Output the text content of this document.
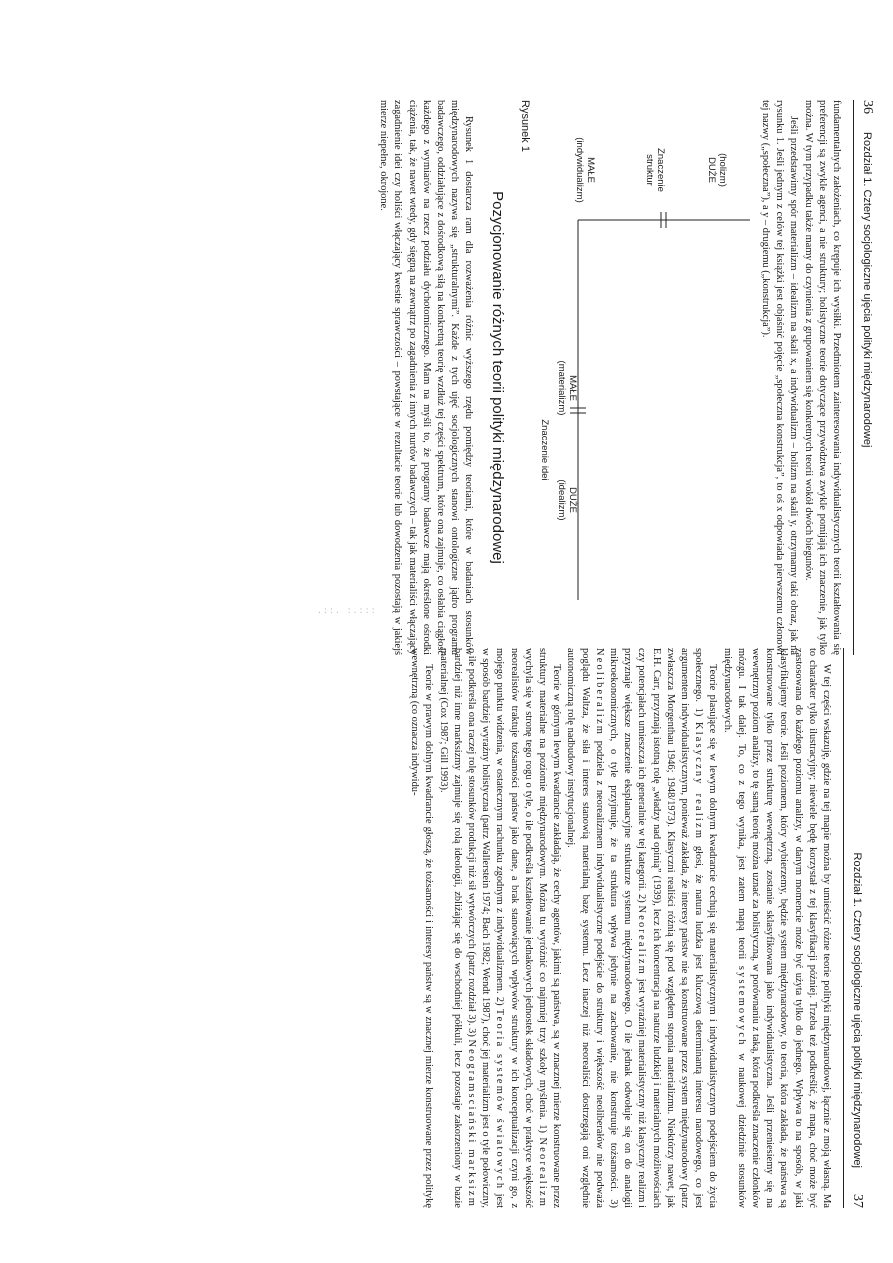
36
Rozdział 1. Cztery socjologiczne ujęcia polityki międzynarodowej

fundamentalnych założeniach, co krępuje ich wysiłki. Przedmiotem zainteresowania indywidualistycznych teorii kształtowania się preferencji są zwykle agenci, a nie struktury; holistyczne teorie dotyczące przywództwa zwykle pomijają ich znaczenie, jak tylko można. W tym przypadku także mamy do czynienia z grupowaniem się konkretnych teorii wokół dwóch biegunów.

Jeśli przedstawimy spór materializm – idealizm na skali x, a indywidualizm – holizm na skali y, otrzymamy taki obraz, jak na rysunku 1. Jeśli jednym z celów tej książki jest objaśnić pojęcie „społeczna konstrukcja”, to oś x odpowiada pierwszemu członowi tej nazwy („społeczna”), a y – drugiemu („konstrukcja”).

(holizm)
DUŻE
Znaczenie
struktur
MAŁE
(indywidualizm)
MAŁE
(materializm)
DUŻE
(idealizm)
Znaczenie idei
Rysunek 1
Pozycjonowanie różnych teorii polityki międzynarodowej

Rysunek 1 dostarcza ram dla rozważenia różnic wyższego rzędu pomiędzy teoriami, które w badaniach stosunków międzynarodowych nazywa się „strukturalnymi”. Każde z tych ujęć socjologicznych stanowi ontologiczne jądro programu badawczego, oddziałujące z dośrodkową siłą na konkretną teorię wzdłuż tej części spektrum, które ona zajmuje, co osłabia ciągłość każdego z wymiarów na rzecz podziału dychotomicznego. Mam na myśli to, że programy badawcze mają określone ośrodki ciążenia, tak, że nawet wtedy, gdy sięgną na zewnątrz po zagadnienia z innych nurtów badawczych – tak jak materialiści włączający zagadnienie idei czy holiści włączający kwestie sprawczości – powstające w rezultacie teorie lub dowodzenia pozostają w jakiejś mierze niepełne, okrojone.

.::. :.:::
Rozdział 1. Cztery socjologiczne ujęcia polityki międzynarodowej
37

W tej części wskazuję, gdzie na tej mapie można by umieścić różne teorie polityki międzynarodowej, łącznie z moją własną. Ma to charakter tylko ilustracyjny; niewiele będę korzystał z tej klasyfikacji później. Trzeba też podkreślić, że mapa, choć może być zastosowana do każdego poziomu analizy, w danym momencie może być użyta tylko do jednego. Wpływa to na sposób, w jaki klasyfikujemy teorie. Jeśli poziomem, który wybierzemy, będzie system międzynarodowy, to teoria, która zakłada, że państwa są konstruowane tylko przez strukturę wewnętrzną, zostanie sklasyfikowana jako indywidualistyczna. Jeśli przeniesiemy się na wewnętrzny poziom analizy, to tę samą teorię można uznać za holistyczną, w porównaniu z taką, która podkreśla znaczenie członków mózgu. I tak dalej. To, co z tego wynika, jest zatem mapą teorii systemowych w naukowej dziedzinie stosunków międzynarodowych.

Teorie plasujące się w lewym dolnym kwadrancie cechują się materialistycznym i indywidualistycznym podejściem do życia społecznego. 1) Klasyczny realizm głosi, że natura ludzka jest kluczową determinantą interesu narodowego, co jest argumentem indywidualistycznym, ponieważ zakłada, że interesy państw nie są konstruowane przez system międzynarodowy (patrz zwłaszcza Morgenthau 1946; 1948/1973). Klasyczni realiści różnią się pod względem stopnia materializmu. Niektórzy nawet, jak E.H. Carr, przyznają istotną rolę „władzy nad opinią” (1939), lecz ich koncentracja na naturze ludzkiej i materialnych możliwościach czy potencjałach umieszcza ich generalnie w tej kategorii. 2) Neorealizm jest wyraźniej materialistyczny niż klasyczny realizm i przyznaje większe znaczenie eksplanacyjne strukturze systemu międzynarodowego. O ile jednak odwołuje się on do analogii mikroekonomicznych, o tyle przyjmuje, że ta struktura wpływa jedynie na zachowanie, nie konstruuje tożsamości. 3) Neoliberalizm podziela z neorealizmem indywidualistyczne podejście do struktury i większość neoliberałów nie podważa poglądu Waltza, że siła i interes stanowią materialną bazę systemu. Lecz inaczej niż neorealiści dostrzegają oni względnie autonomiczną rolę nadbudowy instytucjonalnej.

Teorie w górnym lewym kwadrancie zakładają, że cechy agentów, jakimi są państwa, są w znacznej mierze konstruowane przez struktury materialne na poziomie międzynarodowym. Można tu wyróżnić co najmniej trzy szkoły myślenia. 1) Neorealizm wychyla się w stronę tego rogu o tyle, o ile podkreśla kształtowanie jednakowych jednostek składowych, choć w praktyce większość neorealistów traktuje tożsamości państw jako dane, a brak stanowiących wpływów struktury w ich konceptualizacji czyni go, z mojego punktu widzenia, w ostatecznym rachunku zgodnym z indywidualizmem. 2) Teoria systemów światowych jest w sposób bardziej wyraźny holistyczna (patrz Wallerstein 1974; Bach 1982; Wendt 1987), choć jej materializm jest o tyle połowiczny, o ile podkreśla ona raczej rolę stosunków produkcji niż sił wytwórczych (patrz rozdział 3). 3) Neogramsciański marksizm bardziej niż inne marksizmy zajmuje się rolą ideologii, zbliżając się do wschodniej półkuli, lecz pozostaje zakorzeniony w bazie materialnej (Cox 1987; Gill 1993).

Teorie w prawym dolnym kwadrancie głoszą, że tożsamości i interesy państw są w znacznej mierze konstruowane przez politykę wewnętrzną (co oznacza indywidu-
